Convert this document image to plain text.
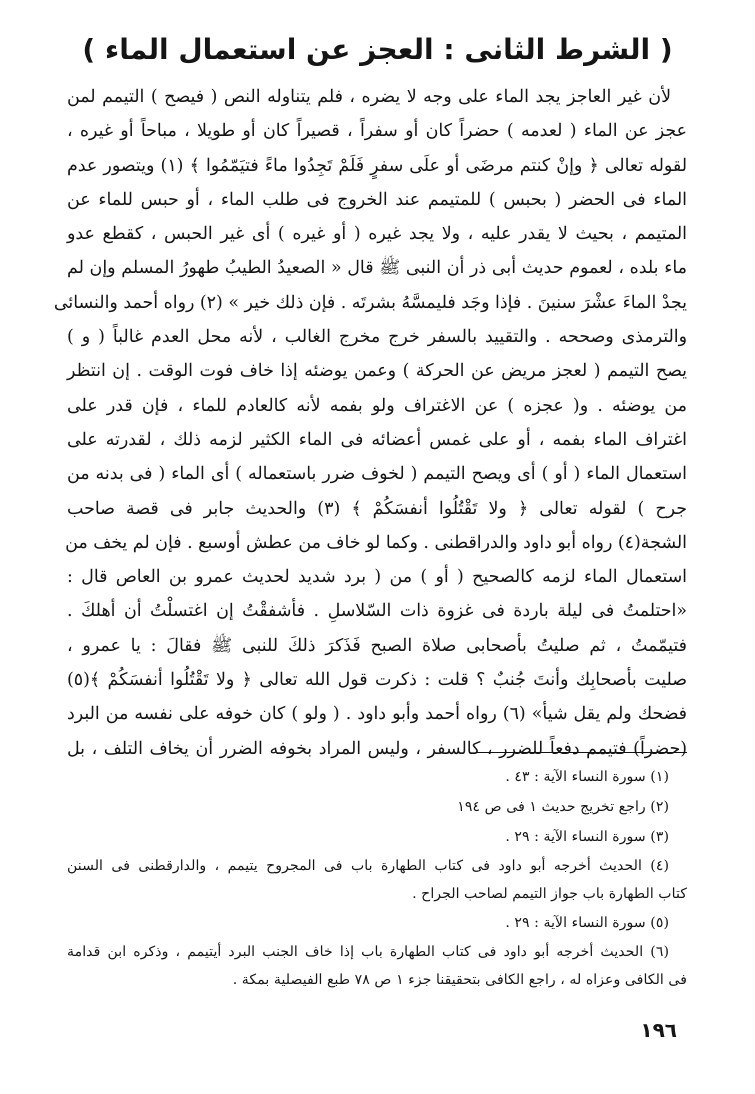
( الشرط الثانى : العجز عن استعمال الماء )
لأن غير العاجز يجد الماء على وجه لا يضره ، فلم يتناوله النص ( فيصح ) التيمم لمن
عجز عن الماء ( لعدمه ) حضراً كان أو سفراً ، قصيراً كان أو طويلا ، مباحاً أو غيره ،
لقوله تعالى ﴿ وإنْ كنتم مرضَى أو علَى سفرٍ فَلَمْ تَجِدُوا ماءً فتيَمّمُوا ﴾ (١) ويتصور عدم
الماء فى الحضر ( بحبس ) للمتيمم عند الخروج فى طلب الماء ، أو حبس للماء عن
المتيمم ، بحيث لا يقدر عليه ، ولا يجد غيره ( أو غيره ) أى غير الحبس ، كقطع عدو
ماء بلده ، لعموم حديث أبى ذر أن النبى ﷺ قال « الصعيدُ الطيبُ طهورُ المسلم وإن لم
يجدْ الماءَ عشْرَ سنينَ . فإذا وجَد فليمسَّهُ بشرتَه . فإن ذلك خير » (٢) رواه أحمد والنسائى
والترمذى وصححه . والتقييد بالسفر خرج مخرج الغالب ، لأنه محل العدم غالباً ( و )
يصح التيمم ( لعجز مريض عن الحركة ) وعمن يوضئه إذا خاف فوت الوقت . إن انتظر
من يوضئه . و( عجزه ) عن الاغتراف ولو بفمه لأنه كالعادم للماء ، فإن قدر على
اغتراف الماء بفمه ، أو على غمس أعضائه فى الماء الكثير لزمه ذلك ، لقدرته على
استعمال الماء ( أو ) أى ويصح التيمم ( لخوف ضرر باستعماله ) أى الماء ( فى بدنه من
جرح ) لقوله تعالى ﴿ ولا تَقْتُلُوا أنفسَكُمْ ﴾ (٣) والحديث جابر فى قصة صاحب
الشجة(٤) رواه أبو داود والدراقطنى . وكما لو خاف من عطش أوسبع . فإن لم يخف من
استعمال الماء لزمه كالصحيح ( أو ) من ( برد شديد لحديث عمرو بن العاص قال :
«احتلمتُ فى ليلة باردة فى غزوة ذات السّلاسلِ . فأشفقْتُ إن اغتسلْتُ أن أهلكَ .
فتيمّمتُ ، ثم صليتُ بأصحابى صلاة الصبح فَذَكرَ ذلكَ للنبى ﷺ فقالَ : يا عمرو ،
صليت بأصحابِك وأنتَ جُنبٌ ؟ قلت : ذكرت قول الله تعالى ﴿ ولا تَقْتُلُوا أنفسَكُمْ ﴾(٥)
فضحك ولم يقل شيأ» (٦) رواه أحمد وأبو داود . ( ولو ) كان خوفه على نفسه من البرد
(حضراً) فتيمم دفعاً للضرر ، كالسفر ، وليس المراد بخوفه الضرر أن يخاف التلف ، بل
(١) سورة النساء الآية : ٤٣ .
(٢) راجع تخريج حديث ١ فى ص ١٩٤
(٣) سورة النساء الآية : ٢٩ .
(٤) الحديث أخرجه أبو داود فى كتاب الطهارة باب فى المجروح يتيمم ، والدارقطنى فى السنن
كتاب الطهارة باب جواز التيمم لصاحب الجراح .
(٥) سورة النساء الآية : ٢٩ .
(٦) الحديث أخرجه أبو داود فى كتاب الطهارة باب إذا خاف الجنب البرد أيتيمم ، وذكره ابن قدامة
فى الكافى وعزاه له ، راجع الكافى بتحقيقنا جزء ١ ص ٧٨ طبع الفيصلية بمكة .
١٩٦
